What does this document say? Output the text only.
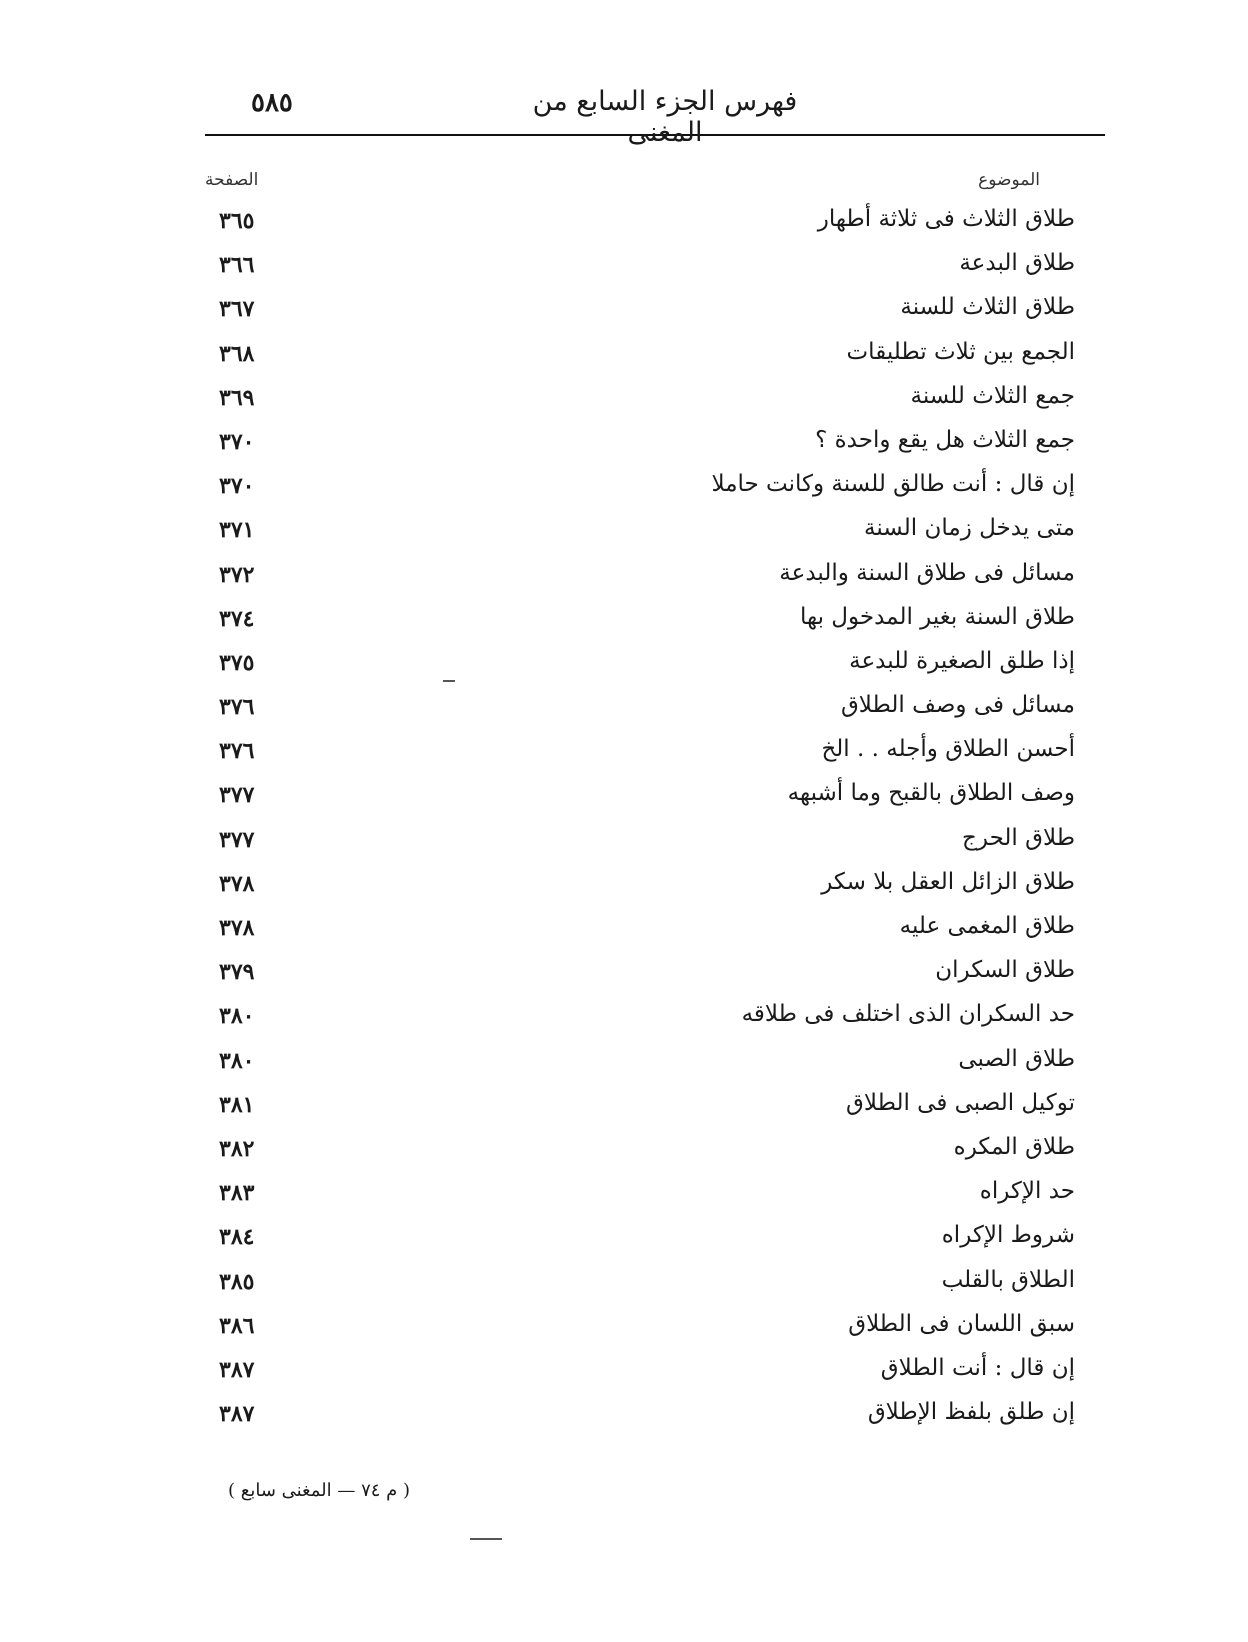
٥٨٥	فهرس الجزء السابع من المغنى
الموضوع
الصفحة
طلاق الثلاث فى ثلاثة أطهار
٣٦٥
طلاق البدعة
٣٦٦
طلاق الثلاث للسنة
٣٦٧
الجمع بين ثلاث تطليقات
٣٦٨
جمع الثلاث للسنة
٣٦٩
جمع الثلاث هل يقع واحدة ؟
٣٧٠
إن قال : أنت طالق للسنة وكانت حاملا
٣٧٠
متى يدخل زمان السنة
٣٧١
مسائل فى طلاق السنة والبدعة
٣٧٢
طلاق السنة بغير المدخول بها
٣٧٤
إذا طلق الصغيرة للبدعة
٣٧٥
مسائل فى وصف الطلاق
٣٧٦
أحسن الطلاق وأجله . . الخ
٣٧٦
وصف الطلاق بالقبح وما أشبهه
٣٧٧
طلاق الحرج
٣٧٧
طلاق الزائل العقل بلا سكر
٣٧٨
طلاق المغمى عليه
٣٧٨
طلاق السكران
٣٧٩
حد السكران الذى اختلف فى طلاقه
٣٨٠
طلاق الصبى
٣٨٠
توكيل الصبى فى الطلاق
٣٨١
طلاق المكره
٣٨٢
حد الإكراه
٣٨٣
شروط الإكراه
٣٨٤
الطلاق بالقلب
٣٨٥
سبق اللسان فى الطلاق
٣٨٦
إن قال : أنت الطلاق
٣٨٧
إن طلق بلفظ الإطلاق
٣٨٧
( م ٧٤ — المغنى سابع )
